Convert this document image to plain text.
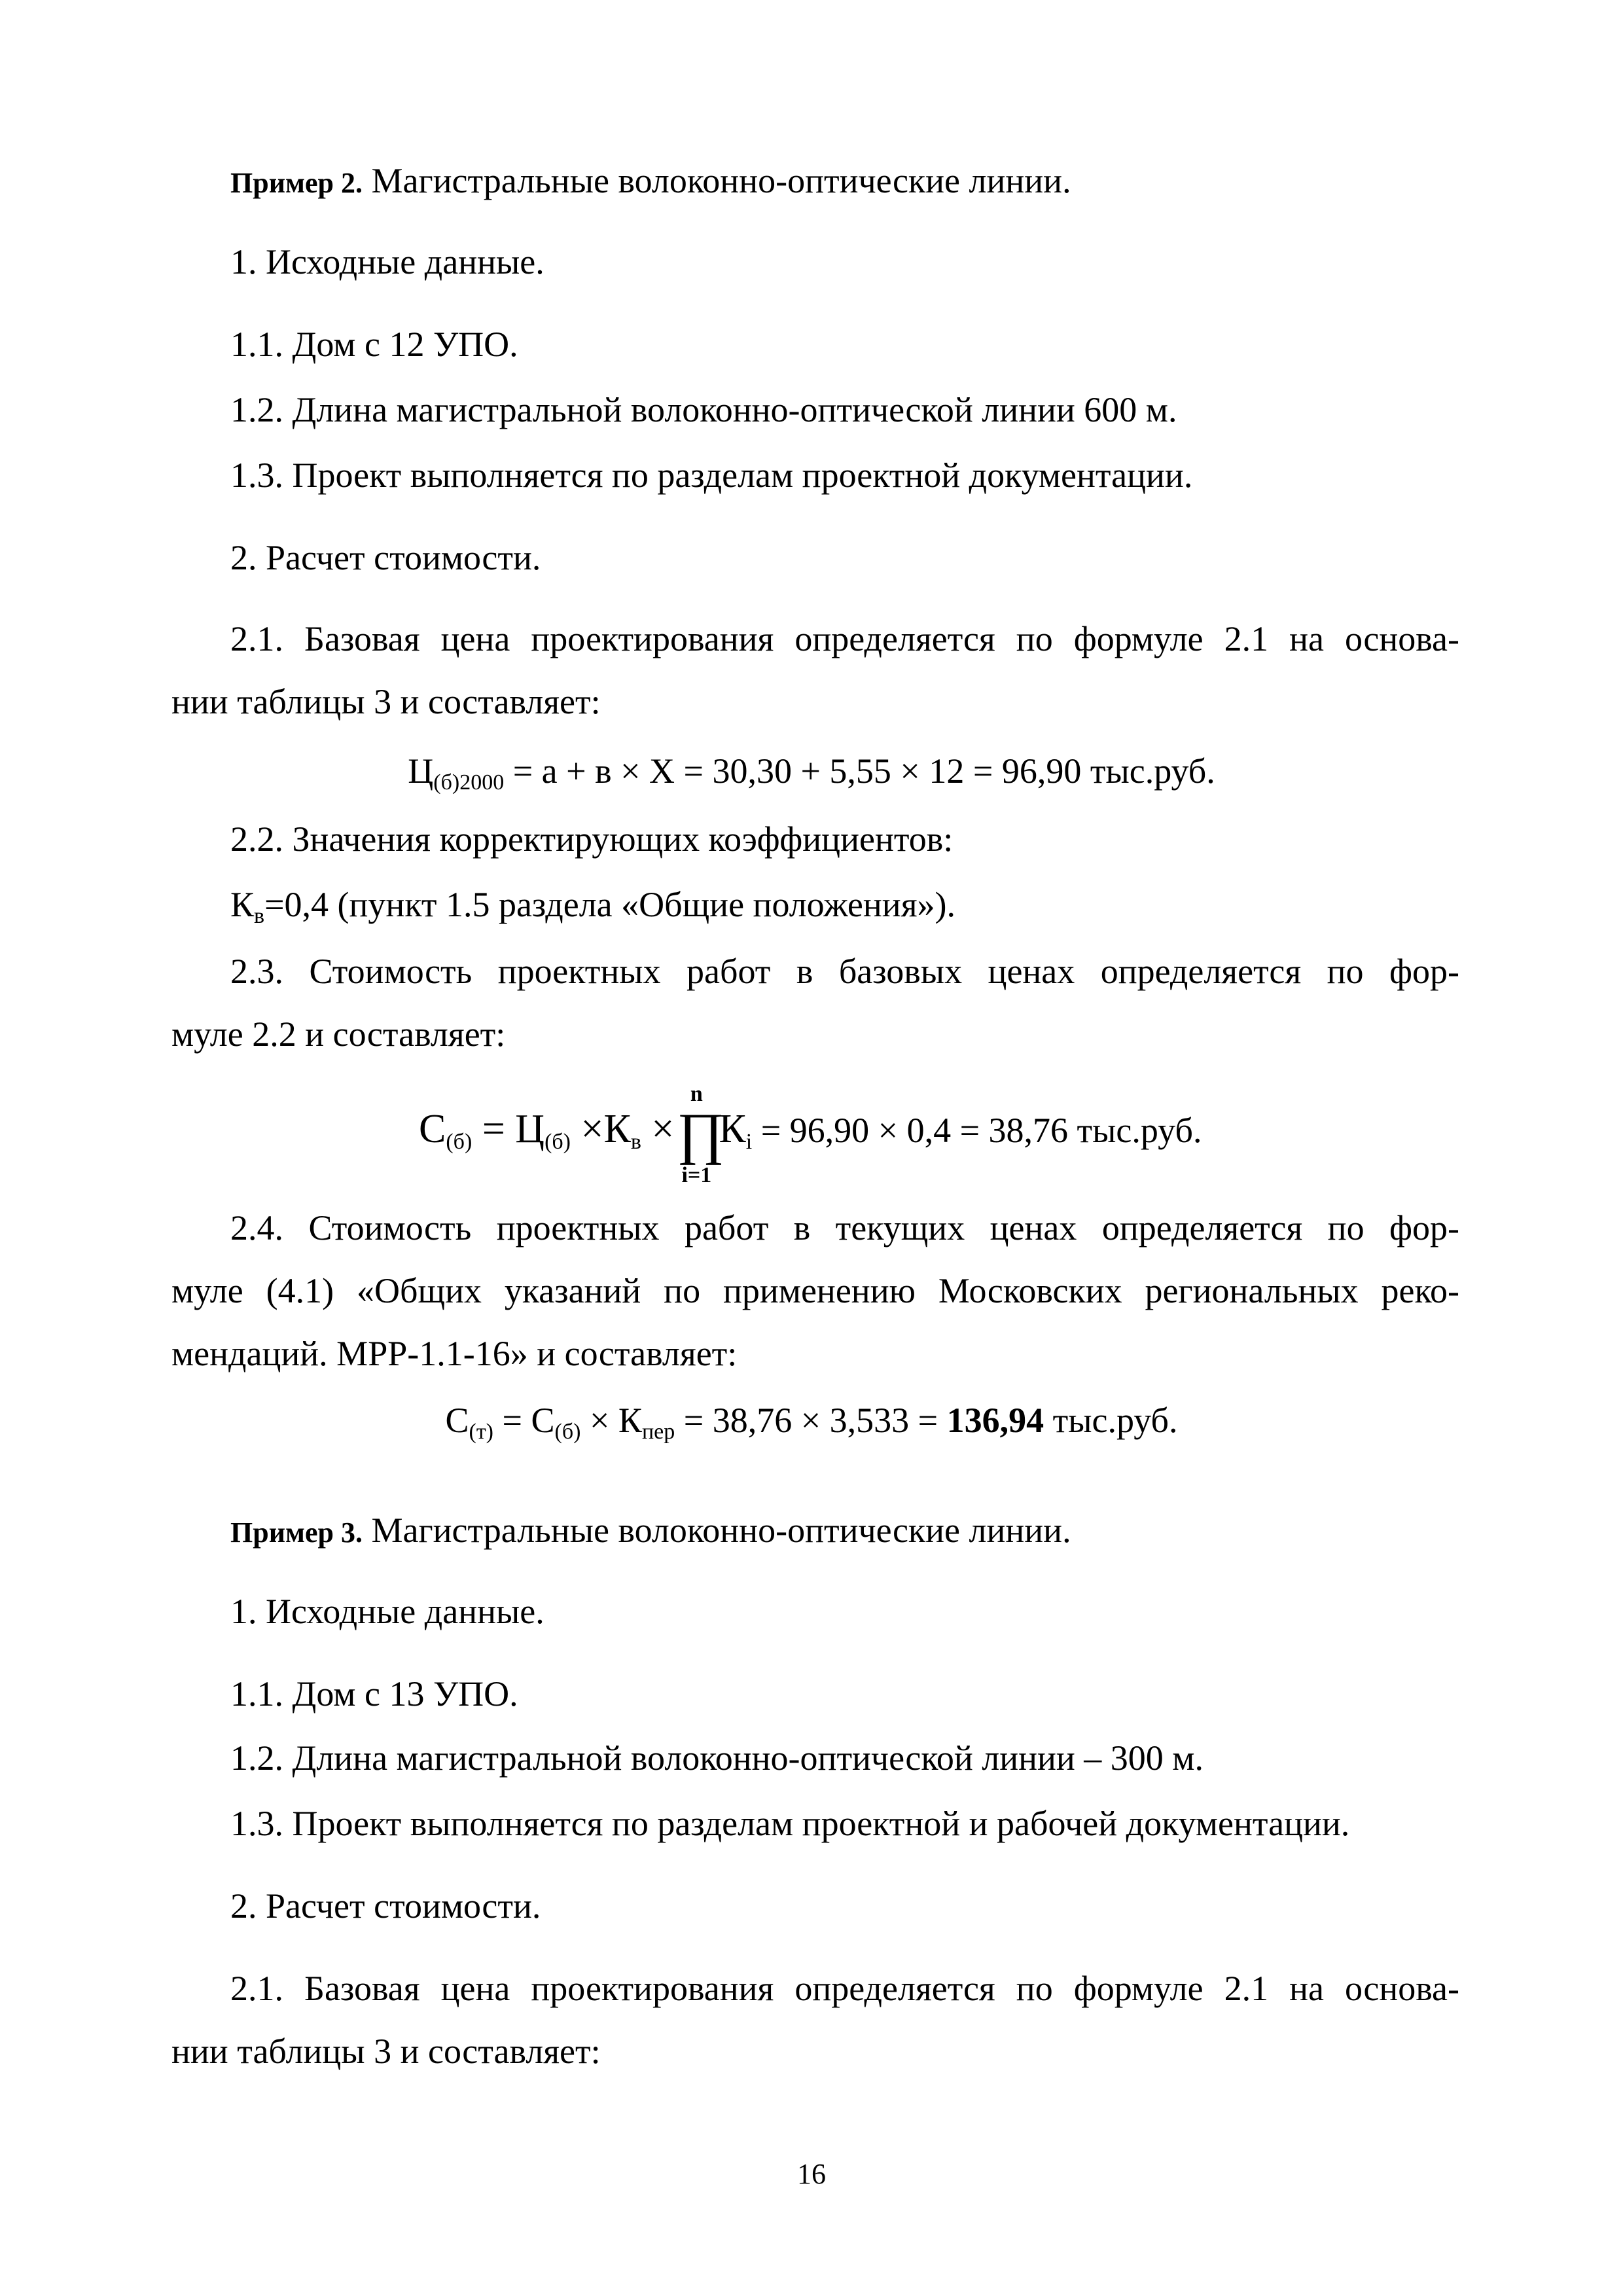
Пример 2. Магистральные волоконно-оптические линии.
1. Исходные данные.
1.1. Дом с 12 УПО.
1.2. Длина магистральной волоконно-оптической линии 600 м.
1.3. Проект выполняется по разделам проектной документации.
2. Расчет стоимости.
2.1. Базовая цена проектирования определяется по формуле 2.1 на основа-
нии таблицы 3 и составляет:
$Ц_{(б)2000} = а + в \times Х = 30,30 + 5,55 \times 12 = 96,90$ тыс.руб.
2.2. Значения корректирующих коэффициентов:
$К_в=0,4$ (пункт 1.5 раздела «Общие положения»).
2.3. Стоимость проектных работ в базовых ценах определяется по фор-
муле 2.2 и составляет:
$С_{(б)} = Ц_{(б)} \times К_в$ ×
n
∏
i=1
$К_i = 96,90 \times 0,4 = 38,76$ тыс.руб.
2.4. Стоимость проектных работ в текущих ценах определяется по фор-
муле (4.1) «Общих указаний по применению Московских региональных реко-
мендаций. МРР-1.1-16» и составляет:
$С_{(т)} = С_{(б)} \times К_{пер} = 38,76 \times 3,533 = 136,94$ тыс.руб.
Пример 3. Магистральные волоконно-оптические линии.
1. Исходные данные.
1.1. Дом с 13 УПО.
1.2. Длина магистральной волоконно-оптической линии – 300 м.
1.3. Проект выполняется по разделам проектной и рабочей документации.
2. Расчет стоимости.
2.1. Базовая цена проектирования определяется по формуле 2.1 на основа-
нии таблицы 3 и составляет:
16
